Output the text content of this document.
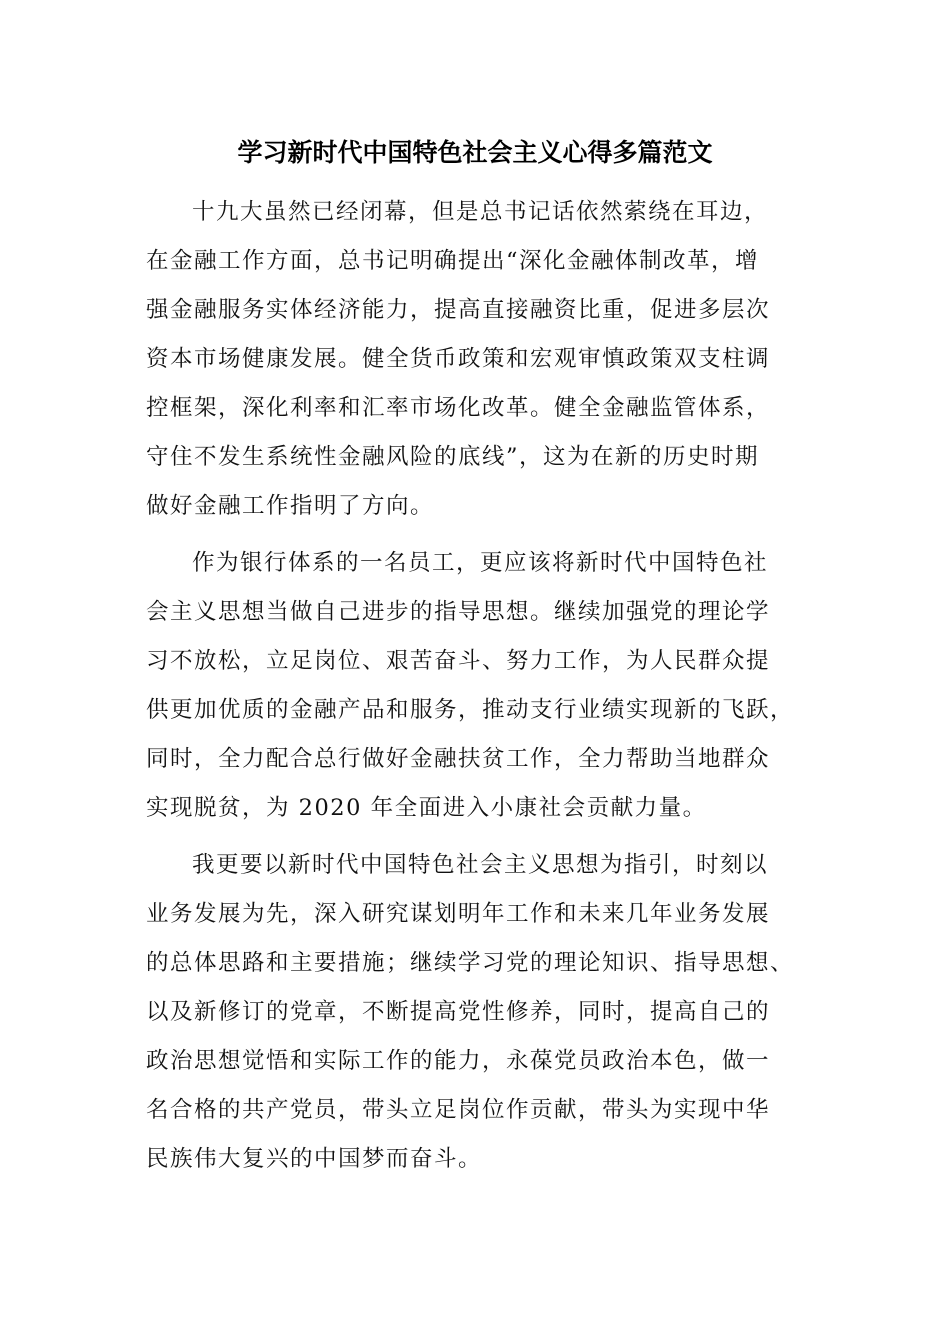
学习新时代中国特色社会主义心得多篇范文
十九大虽然已经闭幕，但是总书记话依然萦绕在耳边，
在金融工作方面，总书记明确提出“深化金融体制改革，增
强金融服务实体经济能力，提高直接融资比重，促进多层次
资本市场健康发展。健全货币政策和宏观审慎政策双支柱调
控框架，深化利率和汇率市场化改革。健全金融监管体系，
守住不发生系统性金融风险的底线”，这为在新的历史时期
做好金融工作指明了方向。
作为银行体系的一名员工，更应该将新时代中国特色社
会主义思想当做自己进步的指导思想。继续加强党的理论学
习不放松，立足岗位、艰苦奋斗、努力工作，为人民群众提
供更加优质的金融产品和服务，推动支行业绩实现新的飞跃，
同时，全力配合总行做好金融扶贫工作，全力帮助当地群众
实现脱贫，为 2020 年全面进入小康社会贡献力量。
我更要以新时代中国特色社会主义思想为指引，时刻以
业务发展为先，深入研究谋划明年工作和未来几年业务发展
的总体思路和主要措施；继续学习党的理论知识、指导思想、
以及新修订的党章，不断提高党性修养，同时，提高自己的
政治思想觉悟和实际工作的能力，永葆党员政治本色，做一
名合格的共产党员，带头立足岗位作贡献，带头为实现中华
民族伟大复兴的中国梦而奋斗。
